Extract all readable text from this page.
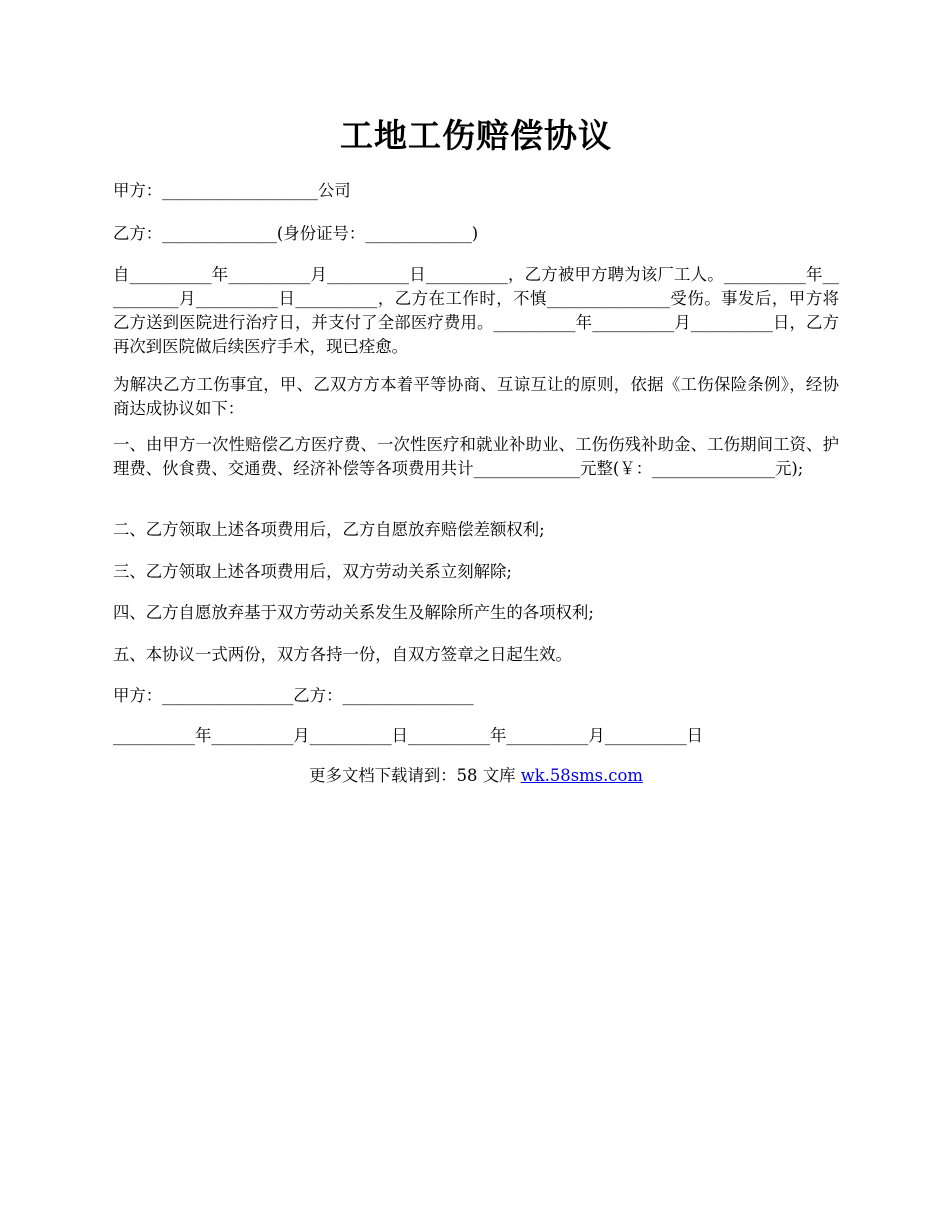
工地工伤赔偿协议

甲方：___________________公司

乙方：______________(身份证号：_____________)

自__________年__________月__________日__________，乙方被甲方聘为该厂工人。__________年__________月__________日__________，乙方在工作时，不慎_______________受伤。事发后，甲方将乙方送到医院进行治疗日，并支付了全部医疗费用。__________年__________月__________日，乙方再次到医院做后续医疗手术，现已痊愈。

为解决乙方工伤事宜，甲、乙双方方本着平等协商、互谅互让的原则，依据《工伤保险条例》，经协商达成协议如下：

一、由甲方一次性赔偿乙方医疗费、一次性医疗和就业补助业、工伤伤残补助金、工伤期间工资、护理费、伙食费、交通费、经济补偿等各项费用共计_____________元整(￥：_______________元);

二、乙方领取上述各项费用后，乙方自愿放弃赔偿差额权利;

三、乙方领取上述各项费用后，双方劳动关系立刻解除;

四、乙方自愿放弃基于双方劳动关系发生及解除所产生的各项权利;

五、本协议一式两份，双方各持一份，自双方签章之日起生效。

甲方：________________乙方：________________

__________年__________月__________日__________年__________月__________日

更多文档下载请到：58 文库 wk.58sms.com
